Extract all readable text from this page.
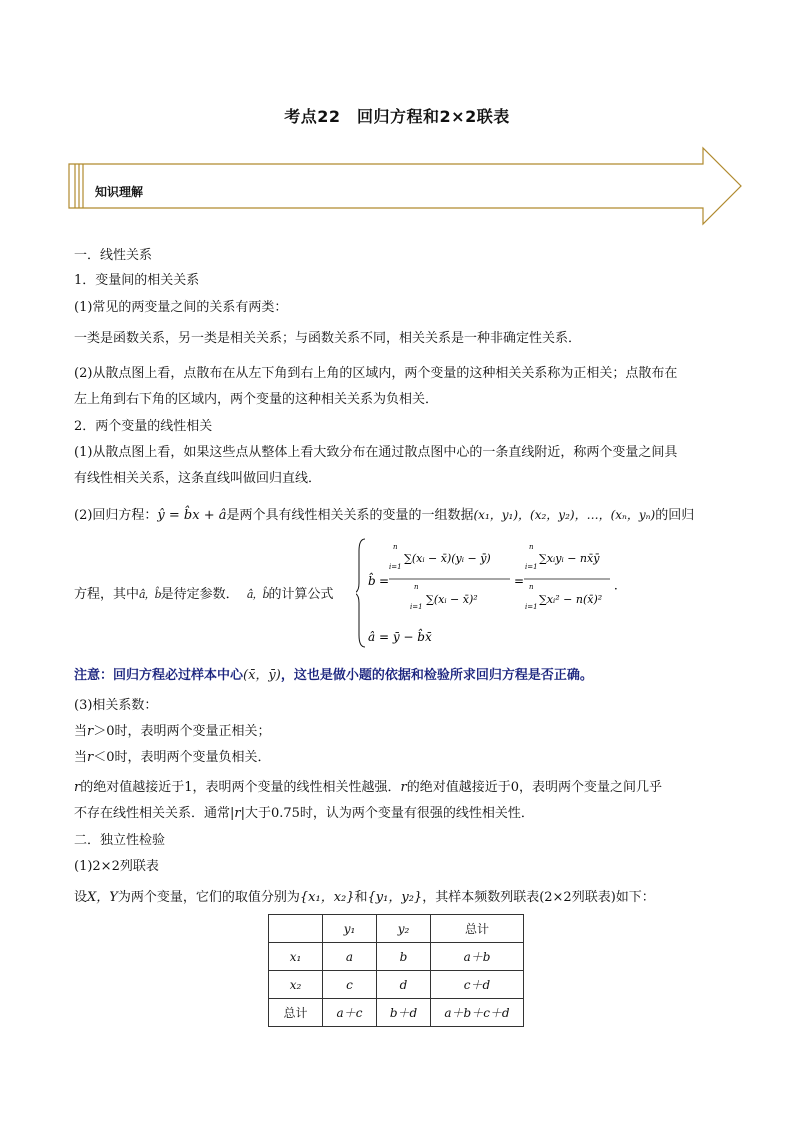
考点22　回归方程和2×2联表
知识理解
一．线性关系
1．变量间的相关关系
(1)常见的两变量之间的关系有两类：
一类是函数关系，另一类是相关关系；与函数关系不同，相关关系是一种非确定性关系．
(2)从散点图上看，点散布在从左下角到右上角的区域内，两个变量的这种相关关系称为正相关；点散布在
左上角到右下角的区域内，两个变量的这种相关关系为负相关．
2．两个变量的线性相关
(1)从散点图上看，如果这些点从整体上看大致分布在通过散点图中心的一条直线附近，称两个变量之间具
有线性相关关系，这条直线叫做回归直线．
(2)回归方程：ŷ = b̂x + â是两个具有线性相关关系的变量的一组数据(x₁，y₁)，(x₂，y₂)，…，(xₙ，yₙ)的回归
方程，其中â，b̂是待定参数． â，b̂的计算公式
b̂ =
n
i=1
∑(xᵢ − x̄)(yᵢ − ȳ)
n
i=1
∑(xᵢ − x̄)²
=
n
i=1
∑xᵢyᵢ − nx̄ȳ
n
i=1
∑xᵢ² − n(x̄)²
．
â = ȳ − b̂x̄
注意：回归方程必过样本中心(x̄，ȳ)，这也是做小题的依据和检验所求回归方程是否正确。
(3)相关系数：
当r＞0时，表明两个变量正相关；
当r＜0时，表明两个变量负相关．
r的绝对值越接近于1，表明两个变量的线性相关性越强．r的绝对值越接近于0，表明两个变量之间几乎
不存在线性相关关系．通常|r|大于0.75时，认为两个变量有很强的线性相关性．
二．独立性检验
(1)2×2列联表
设X，Y为两个变量，它们的取值分别为{x₁，x₂}和{y₁，y₂}，其样本频数列联表(2×2列联表)如下：
	y₁	y₂	总计
x₁	a	b	a＋b
x₂	c	d	c＋d
总计	a＋c	b＋d	a＋b＋c＋d
